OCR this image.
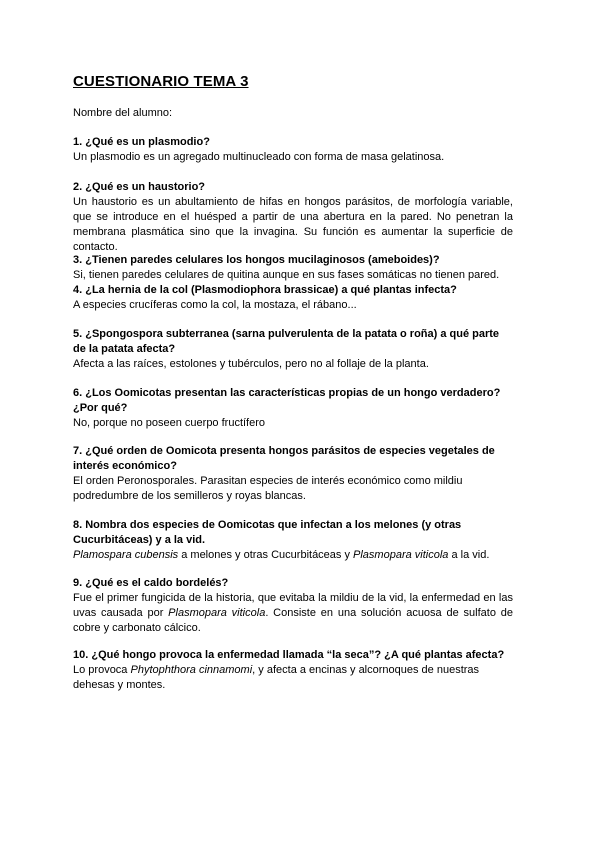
CUESTIONARIO TEMA 3
Nombre del alumno:

1. ¿Qué es un plasmodio?

Un plasmodio es un agregado multinucleado con forma de masa gelatinosa.

2. ¿Qué es un haustorio?

Un haustorio es un abultamiento de hifas en hongos parásitos, de morfología variable, que se introduce en el huésped a partir de una abertura en la pared. No penetran la membrana plasmática sino que la invagina. Su función es aumentar la superficie de contacto.

3. ¿Tienen paredes celulares los hongos mucilaginosos (ameboides)?

Si, tienen paredes celulares de quitina aunque en sus fases somáticas no tienen pared.

4. ¿La hernia de la col (Plasmodiophora brassicae) a qué plantas infecta?

A especies crucíferas como la col, la mostaza, el rábano...

5. ¿Spongospora subterranea (sarna pulverulenta de la patata o roña) a qué parte de la patata afecta?

Afecta a las raíces, estolones y tubérculos, pero no al follaje de la planta.

6. ¿Los Oomicotas presentan las características propias de un hongo verdadero? ¿Por qué?

No, porque no poseen cuerpo fructífero

7. ¿Qué orden de Oomicota presenta hongos parásitos de especies vegetales de interés económico?

El orden Peronosporales. Parasitan especies de interés económico como mildiu podredumbre de los semilleros y royas blancas.

8. Nombra dos especies de Oomicotas que infectan a los melones (y otras Cucurbitáceas) y a la vid.

Plamospara cubensis a melones y otras Cucurbitáceas y Plasmopara viticola a la vid.

9. ¿Qué es el caldo bordelés?

Fue el primer fungicida de la historia, que evitaba la mildiu de la vid, la enfermedad en las uvas causada por Plasmopara viticola. Consiste en una solución acuosa de sulfato de cobre y carbonato cálcico.

10. ¿Qué hongo provoca la enfermedad llamada “la seca”? ¿A qué plantas afecta?

Lo provoca Phytophthora cinnamomi, y afecta a encinas y alcornoques de nuestras dehesas y montes.
